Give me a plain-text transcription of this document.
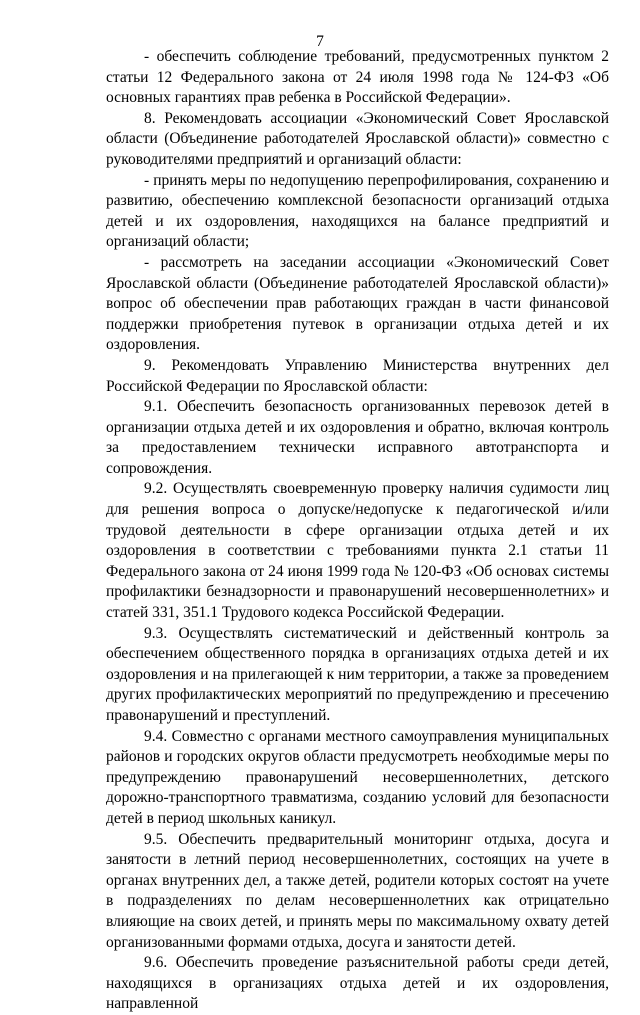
7

- обеспечить соблюдение требований, предусмотренных пунктом 2 статьи 12 Федерального закона от 24 июля 1998 года № 124-ФЗ «Об основных гарантиях прав ребенка в Российской Федерации».

8. Рекомендовать ассоциации «Экономический Совет Ярославской области (Объединение работодателей Ярославской области)» совместно с руководителями предприятий и организаций области:

- принять меры по недопущению перепрофилирования, сохранению и развитию, обеспечению комплексной безопасности организаций отдыха детей и их оздоровления, находящихся на балансе предприятий и организаций области;

- рассмотреть на заседании ассоциации «Экономический Совет Ярославской области (Объединение работодателей Ярославской области)» вопрос об обеспечении прав работающих граждан в части финансовой поддержки приобретения путевок в организации отдыха детей и их оздоровления.

9. Рекомендовать Управлению Министерства внутренних дел Российской Федерации по Ярославской области:

9.1. Обеспечить безопасность организованных перевозок детей в организации отдыха детей и их оздоровления и обратно, включая контроль за предоставлением технически исправного автотранспорта и сопровождения.

9.2. Осуществлять своевременную проверку наличия судимости лиц для решения вопроса о допуске/недопуске к педагогической и/или трудовой деятельности в сфере организации отдыха детей и их оздоровления в соответствии с требованиями пункта 2.1 статьи 11 Федерального закона от 24 июня 1999 года № 120-ФЗ «Об основах системы профилактики безнадзорности и правонарушений несовершеннолетних» и статей 331, 351.1 Трудового кодекса Российской Федерации.

9.3. Осуществлять систематический и действенный контроль за обеспечением общественного порядка в организациях отдыха детей и их оздоровления и на прилегающей к ним территории, а также за проведением других профилактических мероприятий по предупреждению и пресечению правонарушений и преступлений.

9.4. Совместно с органами местного самоуправления муниципальных районов и городских округов области предусмотреть необходимые меры по предупреждению правонарушений несовершеннолетних, детского дорожно-транспортного травматизма, созданию условий для безопасности детей в период школьных каникул.

9.5. Обеспечить предварительный мониторинг отдыха, досуга и занятости в летний период несовершеннолетних, состоящих на учете в органах внутренних дел, а также детей, родители которых состоят на учете в подразделениях по делам несовершеннолетних как отрицательно влияющие на своих детей, и принять меры по максимальному охвату детей организованными формами отдыха, досуга и занятости детей.

9.6. Обеспечить проведение разъяснительной работы среди детей, находящихся в организациях отдыха детей и их оздоровления, направленной
